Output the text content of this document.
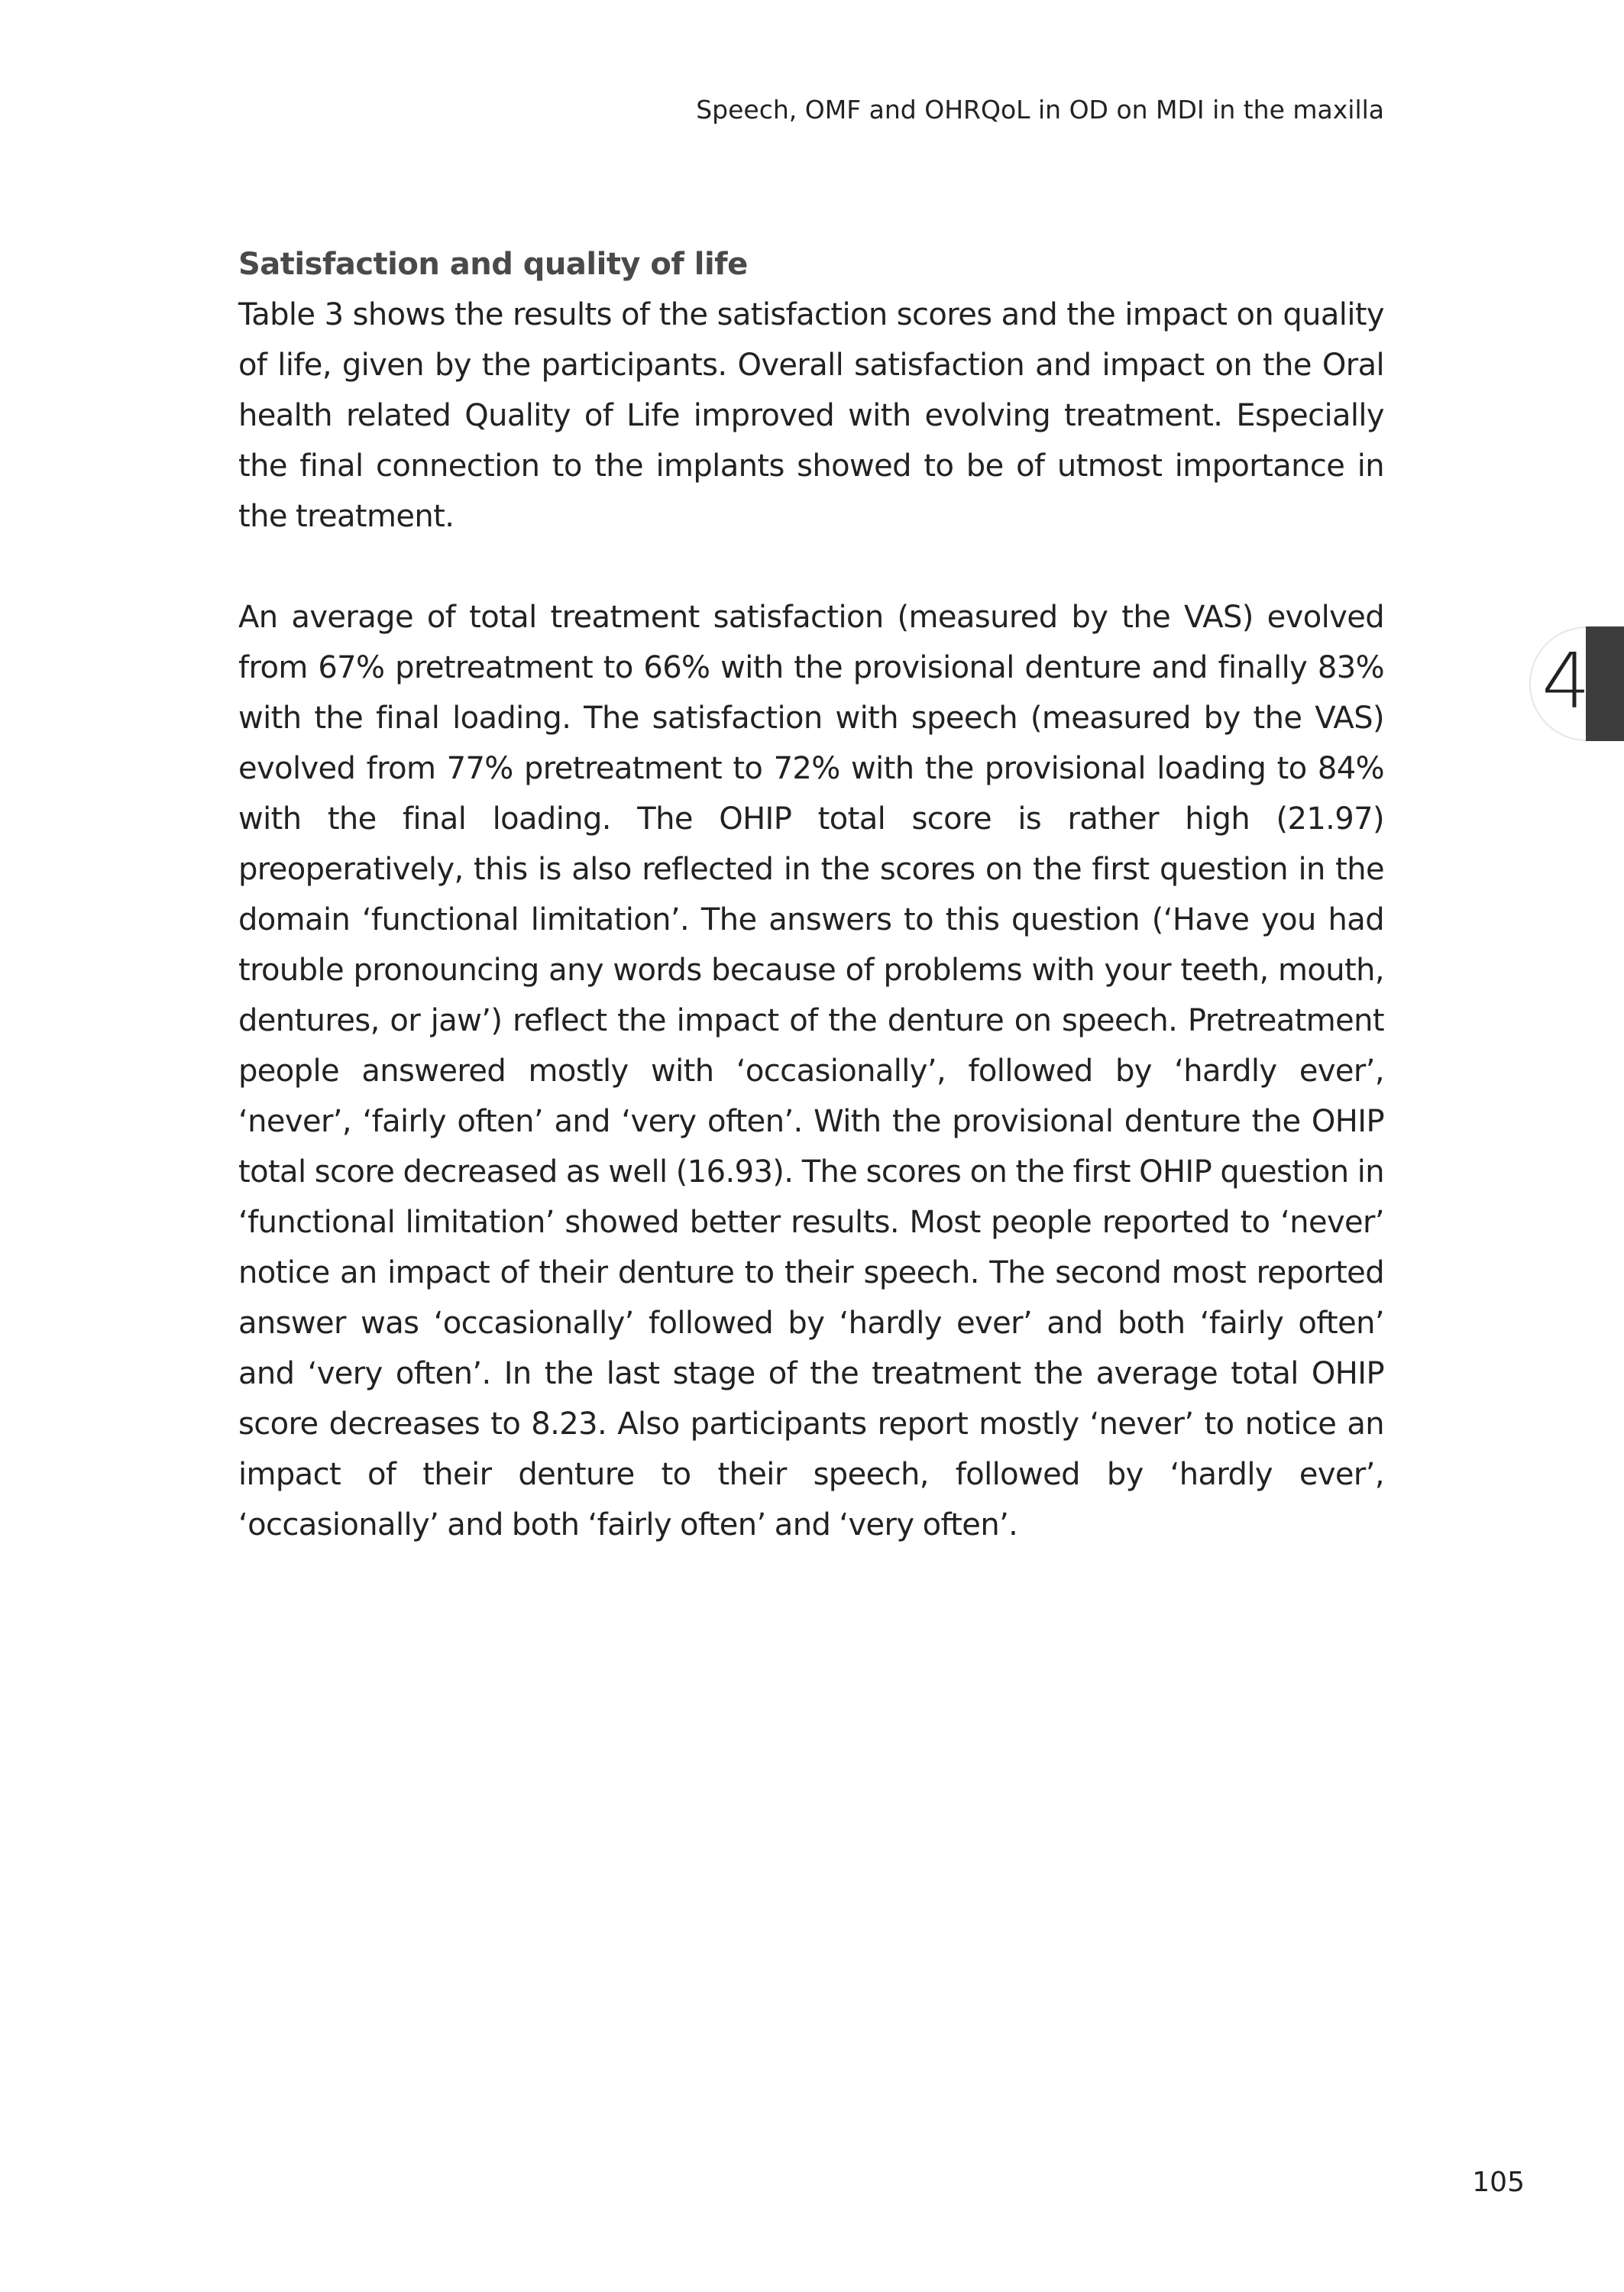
Speech, OMF and OHRQoL in OD on MDI in the maxilla
Satisfaction and quality of life

Table 3 shows the results of the satisfaction scores and the impact on quality of life, given by the participants. Overall satisfaction and impact on the Oral health related Quality of Life improved with evolving treatment. Especially the final connection to the implants showed to be of utmost importance in the treatment.

An average of total treatment satisfaction (measured by the VAS) evolved from 67% pretreatment to 66% with the provisional denture and finally 83% with the final loading. The satisfaction with speech (measured by the VAS) evolved from 77% pretreatment to 72% with the provisional loading to 84% with the final loading. The OHIP total score is rather high (21.97) preoperatively, this is also reflected in the scores on the first question in the domain ‘functional limitation’. The answers to this question (‘Have you had trouble pronouncing any words because of problems with your teeth, mouth, dentures, or jaw’) reflect the impact of the denture on speech. Pretreatment people answered mostly with ‘occasionally’, followed by ‘hardly ever’, ‘never’, ‘fairly often’ and ‘very often’. With the provisional denture the OHIP total score decreased as well (16.93). The scores on the first OHIP question in ‘functional limitation’ showed better results. Most people reported to ‘never’ notice an impact of their denture to their speech. The second most reported answer was ‘occasionally’ followed by ‘hardly ever’ and both ‘fairly often’ and ‘very often’. In the last stage of the treatment the average total OHIP score decreases to 8.23. Also participants report mostly ‘never’ to notice an impact of their denture to their speech, followed by ‘hardly ever’, ‘occasionally’ and both ‘fairly often’ and ‘very often’.

4
105
